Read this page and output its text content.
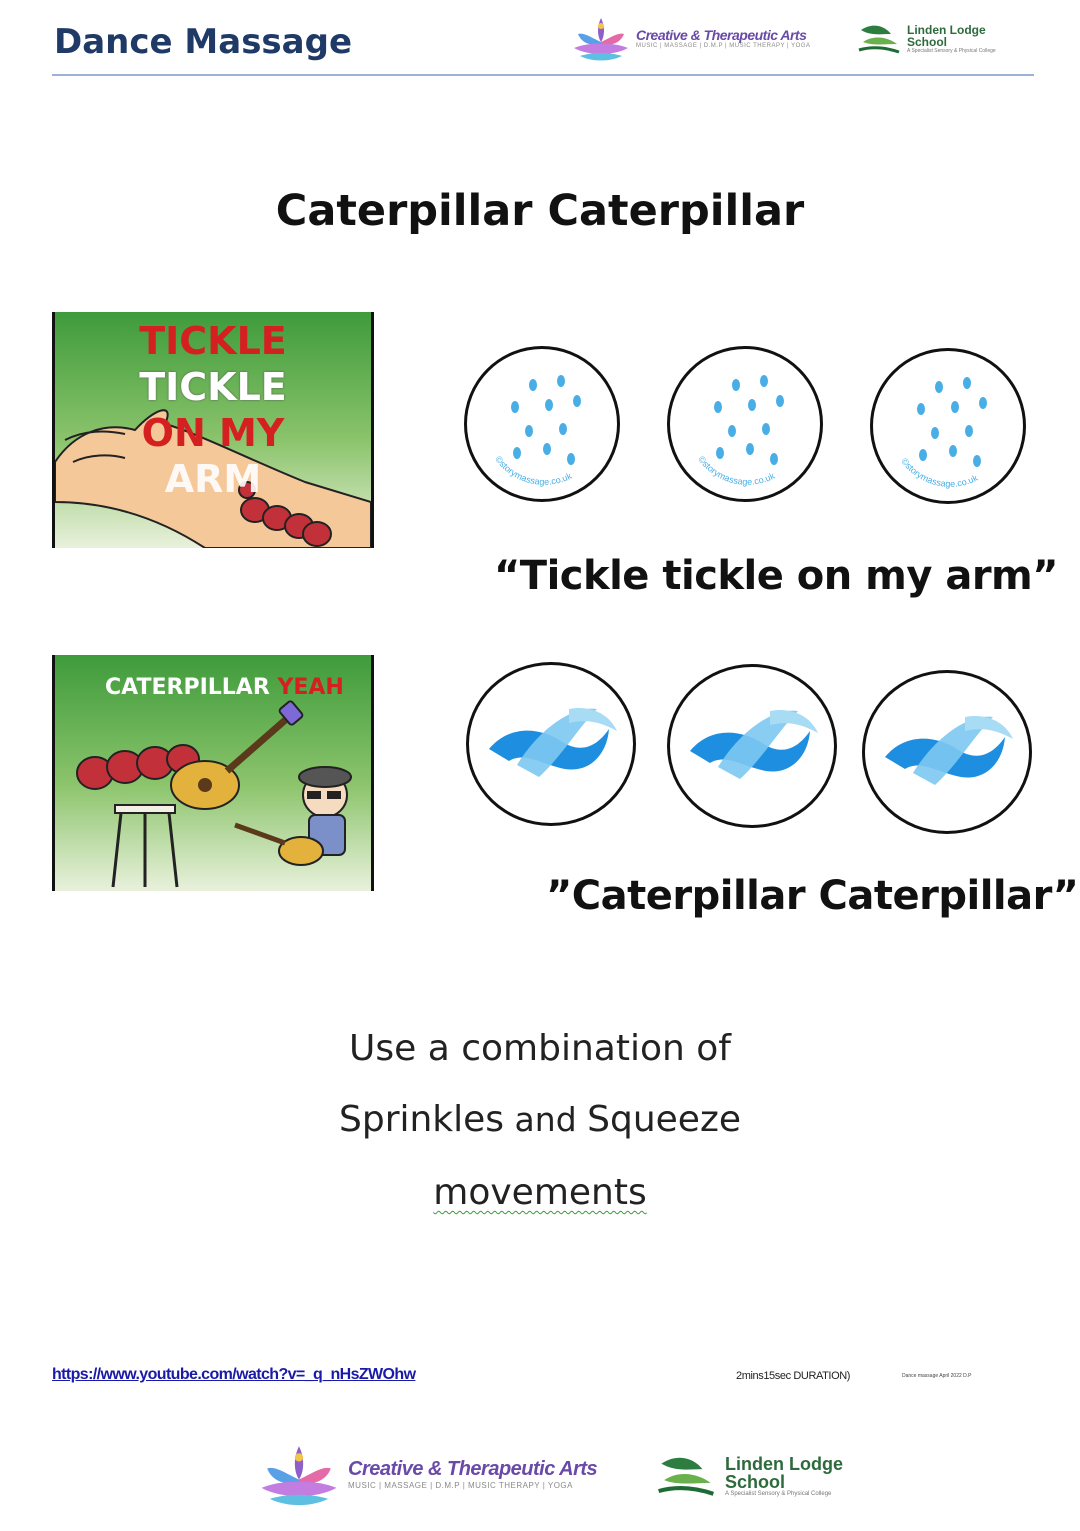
Dance Massage	Creative & Therapeutic Arts
MUSIC | MASSAGE | D.M.P | MUSIC THERAPY | YOGA
Linden Lodge
School
A Specialist Sensory & Physical College
Caterpillar Caterpillar
TICKLE
TICKLE
ON MY
ARM	©storymassage.co.uk
©storymassage.co.uk
©storymassage.co.uk
“Tickle tickle on my arm”
CATERPILLAR YEAH
”Caterpillar Caterpillar”
Use a combination of
Sprinkles and Squeeze
movements
https://www.youtube.com/watch?v=_q_nHsZWOhw	2mins15sec DURATION)	Dance massage April 2022 D.P
Creative & Therapeutic Arts
MUSIC | MASSAGE | D.M.P | MUSIC THERAPY | YOGA
Linden Lodge
School
A Specialist Sensory & Physical College
